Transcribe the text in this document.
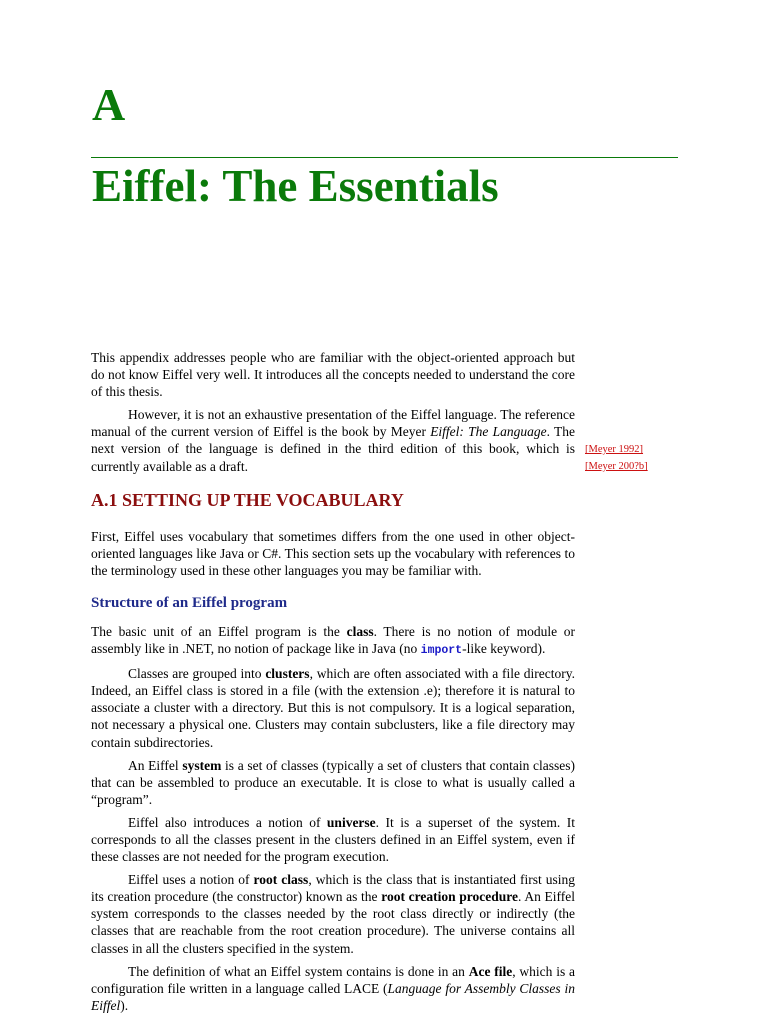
A
Eiffel: The Essentials
[Meyer 1992]
[Meyer 200?b]

This appendix addresses people who are familiar with the object-oriented approach but do not know Eiffel very well. It introduces all the concepts needed to understand the core of this thesis.

However, it is not an exhaustive presentation of the Eiffel language. The reference manual of the current version of Eiffel is the book by Meyer Eiffel: The Language. The next version of the language is defined in the third edition of this book, which is currently available as a draft.

A.1 SETTING UP THE VOCABULARY

First, Eiffel uses vocabulary that sometimes differs from the one used in other object-oriented languages like Java or C#. This section sets up the vocabulary with references to the terminology used in these other languages you may be familiar with.

Structure of an Eiffel program

The basic unit of an Eiffel program is the class. There is no notion of module or assembly like in .NET, no notion of package like in Java (no import-like keyword).

Classes are grouped into clusters, which are often associated with a file directory. Indeed, an Eiffel class is stored in a file (with the extension .e); therefore it is natural to associate a cluster with a directory. But this is not compulsory. It is a logical separation, not necessary a physical one. Clusters may contain subclusters, like a file directory may contain subdirectories.

An Eiffel system is a set of classes (typically a set of clusters that contain classes) that can be assembled to produce an executable. It is close to what is usually called a “program”.

Eiffel also introduces a notion of universe. It is a superset of the system. It corresponds to all the classes present in the clusters defined in an Eiffel system, even if these classes are not needed for the program execution.

Eiffel uses a notion of root class, which is the class that is instantiated first using its creation procedure (the constructor) known as the root creation procedure. An Eiffel system corresponds to the classes needed by the root class directly or indirectly (the classes that are reachable from the root creation procedure). The universe contains all classes in all the clusters specified in the system.

The definition of what an Eiffel system contains is done in an Ace file, which is a configuration file written in a language called LACE (Language for Assembly Classes in Eiffel).
